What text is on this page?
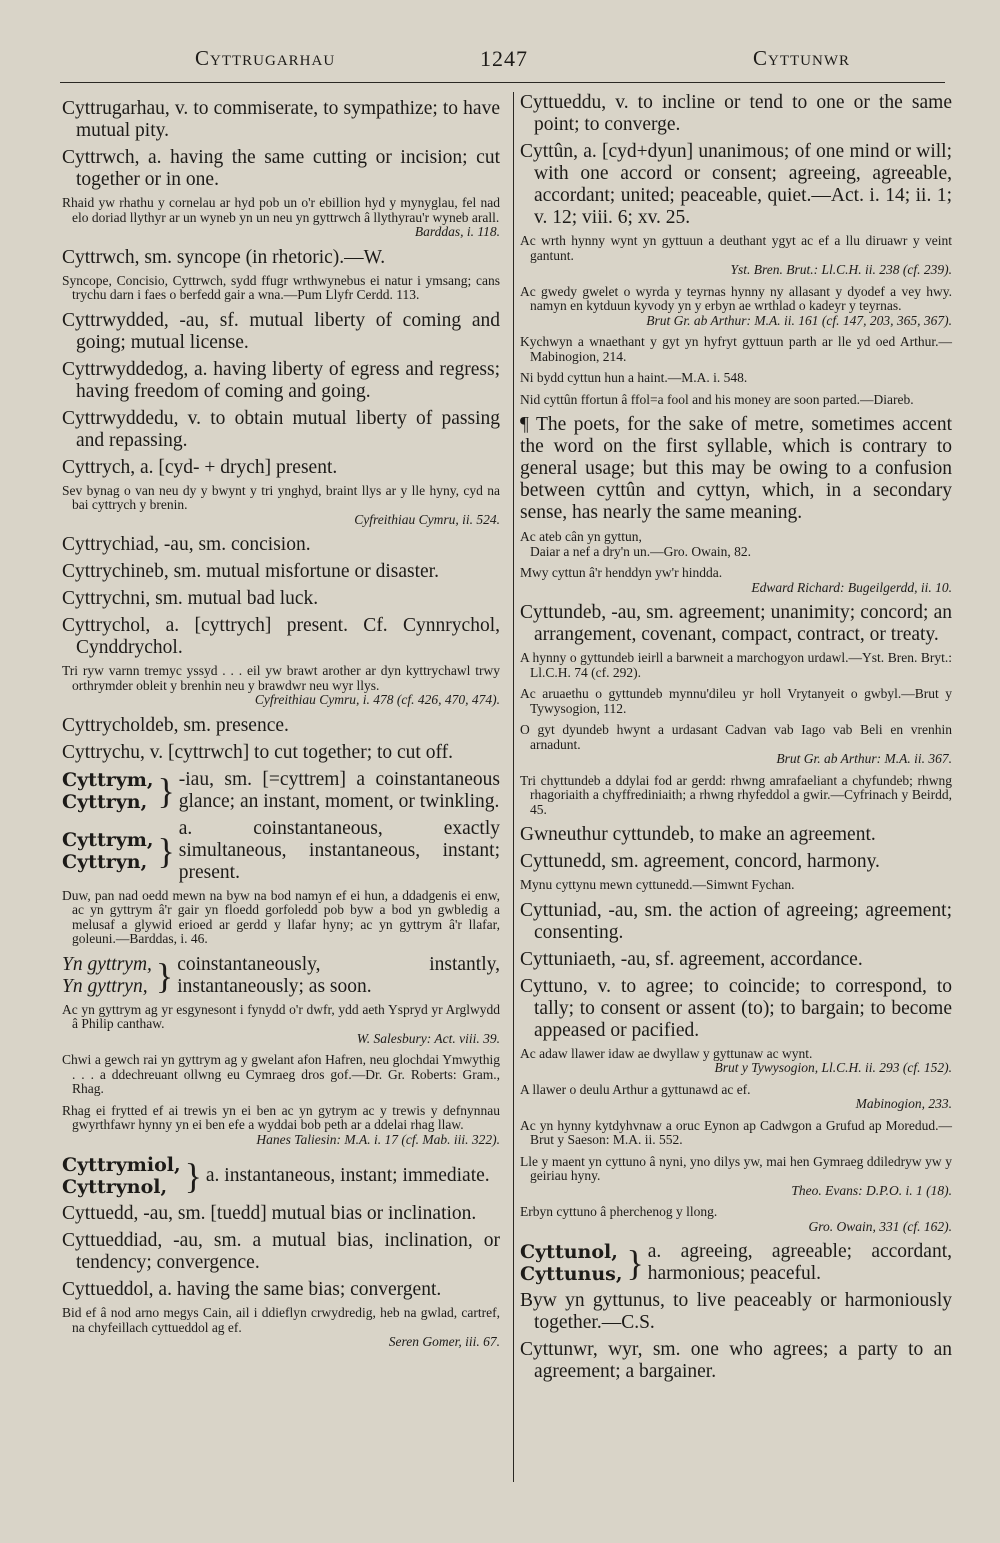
Cyttrugarhau	1247	Cyttunwr

Cyttrugarhau, v. to commiserate, to sympathize; to have mutual pity.

Cyttrwch, a. having the same cutting or incision; cut together or in one.

Rhaid yw rhathu y cornelau ar hyd pob un o'r ebillion hyd y mynyglau, fel nad elo doriad llythyr ar un wyneb yn un neu yn gyttrwch â llythyrau'r wyneb arall.
Barddas, i. 118.

Cyttrwch, sm. syncope (in rhetoric).—W.

Syncope, Concisio, Cyttrwch, sydd ffugr wrthwynebus ei natur i ymsang; cans trychu darn i faes o berfedd gair a wna.—Pum Llyfr Cerdd. 113.

Cyttrwydded, -au, sf. mutual liberty of coming and going; mutual license.

Cyttrwyddedog, a. having liberty of egress and regress; having freedom of coming and going.

Cyttrwyddedu, v. to obtain mutual liberty of passing and repassing.

Cyttrych, a. [cyd- + drych] present.

Sev bynag o van neu dy y bwynt y tri ynghyd, braint llys ar y lle hyny, cyd na bai cyttrych y brenin.
Cyfreithiau Cymru, ii. 524.

Cyttrychiad, -au, sm. concision.

Cyttrychineb, sm. mutual misfortune or disaster.

Cyttrychni, sm. mutual bad luck.

Cyttrychol, a. [cyttrych] present. Cf. Cynnrychol, Cynddrychol.

Tri ryw varnn tremyc yssyd . . . eil yw brawt arother ar dyn kyttrychawl trwy orthrymder obleit y brenhin neu y brawdwr neu wyr llys.
Cyfreithiau Cymru, i. 478 (cf. 426, 470, 474).

Cyttrycholdeb, sm. presence.

Cyttrychu, v. [cyttrwch] to cut together; to cut off.

Cyttrym,
Cyttryn, } -iau, sm. [=cyttrem] a coinstantaneous glance; an instant, moment, or twinkling.
Cyttrym,
Cyttryn, }
a. coinstantaneous, exactly simultaneous, instantaneous, instant; present.

Duw, pan nad oedd mewn na byw na bod namyn ef ei hun, a ddadgenis ei enw, ac yn gyttrym â'r gair yn floedd gorfoledd pob byw a bod yn gwbledig a melusaf a glywid erioed ar gerdd y llafar hyny; ac yn gyttrym â'r llafar, goleuni.—Barddas, i. 46.

Yn gyttrym,
Yn gyttryn, } coinstantaneously, instantly, instantaneously; as soon.

Ac yn gyttrym ag yr esgynesont i fynydd o'r dwfr, ydd aeth Yspryd yr Arglwydd â Philip canthaw.
W. Salesbury: Act. viii. 39.

Chwi a gewch rai yn gyttrym ag y gwelant afon Hafren, neu glochdai Ymwythig . . . a ddechreuant ollwng eu Cymraeg dros gof.—Dr. Gr. Roberts: Gram., Rhag.

Rhag ei frytted ef ai trewis yn ei ben ac yn gytrym ac y trewis y defnynnau gwyrthfawr hynny yn ei ben efe a wyddai bob peth ar a ddelai rhag llaw.
Hanes Taliesin: M.A. i. 17 (cf. Mab. iii. 322).

Cyttrymiol,
Cyttrynol, } a. instantaneous, instant; immediate.

Cyttuedd, -au, sm. [tuedd] mutual bias or inclination.

Cyttueddiad, -au, sm. a mutual bias, inclination, or tendency; convergence.

Cyttueddol, a. having the same bias; convergent.

Bid ef â nod arno megys Cain, ail i ddieflyn crwydredig, heb na gwlad, cartref, na chyfeillach cyttueddol ag ef.
Seren Gomer, iii. 67.

Cyttueddu, v. to incline or tend to one or the same point; to converge.

Cyttûn, a. [cyd+dyun] unanimous; of one mind or will; with one accord or consent; agreeing, agreeable, accordant; united; peaceable, quiet.—Act. i. 14; ii. 1; v. 12; viii. 6; xv. 25.

Ac wrth hynny wynt yn gyttuun a deuthant ygyt ac ef a llu diruawr y veint gantunt.
Yst. Bren. Brut.: Ll.C.H. ii. 238 (cf. 239).

Ac gwedy gwelet o wyrda y teyrnas hynny ny allasant y dyodef a vey hwy. namyn en kytduun kyvody yn y erbyn ae wrthlad o kadeyr y teyrnas.
Brut Gr. ab Arthur: M.A. ii. 161 (cf. 147, 203, 365, 367).

Kychwyn a wnaethant y gyt yn hyfryt gyttuun parth ar lle yd oed Arthur.—Mabinogion, 214.

Ni bydd cyttun hun a haint.—M.A. i. 548.

Nid cyttûn ffortun â ffol=a fool and his money are soon parted.—Diareb.

¶ The poets, for the sake of metre, sometimes accent the word on the first syllable, which is contrary to general usage; but this may be owing to a confusion between cyttûn and cyttyn, which, in a secondary sense, has nearly the same meaning.

Ac ateb cân yn gyttun,
Daiar a nef a dry'n un.—Gro. Owain, 82.

Mwy cyttun â'r henddyn yw'r hindda.
Edward Richard: Bugeilgerdd, ii. 10.

Cyttundeb, -au, sm. agreement; unanimity; concord; an arrangement, covenant, compact, contract, or treaty.

A hynny o gyttundeb ieirll a barwneit a marchogyon urdawl.—Yst. Bren. Bryt.: Ll.C.H. 74 (cf. 292).

Ac aruaethu o gyttundeb mynnu'dileu yr holl Vrytanyeit o gwbyl.—Brut y Tywysogion, 112.

O gyt dyundeb hwynt a urdasant Cadvan vab Iago vab Beli en vrenhin arnadunt.
Brut Gr. ab Arthur: M.A. ii. 367.

Tri chyttundeb a ddylai fod ar gerdd: rhwng amrafaeliant a chyfundeb; rhwng rhagoriaith a chyffrediniaith; a rhwng rhyfeddol a gwir.—Cyfrinach y Beirdd, 45.

Gwneuthur cyttundeb, to make an agreement.

Cyttunedd, sm. agreement, concord, harmony.

Mynu cyttynu mewn cyttunedd.—Simwnt Fychan.

Cyttuniad, -au, sm. the action of agreeing; agreement; consenting.

Cyttuniaeth, -au, sf. agreement, accordance.

Cyttuno, v. to agree; to coincide; to correspond, to tally; to consent or assent (to); to bargain; to become appeased or pacified.

Ac adaw llawer idaw ae dwyllaw y gyttunaw ac wynt.
Brut y Tywysogion, Ll.C.H. ii. 293 (cf. 152).

A llawer o deulu Arthur a gyttunawd ac ef.
Mabinogion, 233.

Ac yn hynny kytdyhvnaw a oruc Eynon ap Cadwgon a Grufud ap Moredud.—Brut y Saeson: M.A. ii. 552.

Lle y maent yn cyttuno â nyni, yno dilys yw, mai hen Gymraeg ddiledryw yw y geiriau hyny.
Theo. Evans: D.P.O. i. 1 (18).

Erbyn cyttuno â pherchenog y llong.
Gro. Owain, 331 (cf. 162).

Cyttunol,
Cyttunus, } a. agreeing, agreeable; accordant, harmonious; peaceful.

Byw yn gyttunus, to live peaceably or harmoniously together.—C.S.

Cyttunwr, wyr, sm. one who agrees; a party to an agreement; a bargainer.
